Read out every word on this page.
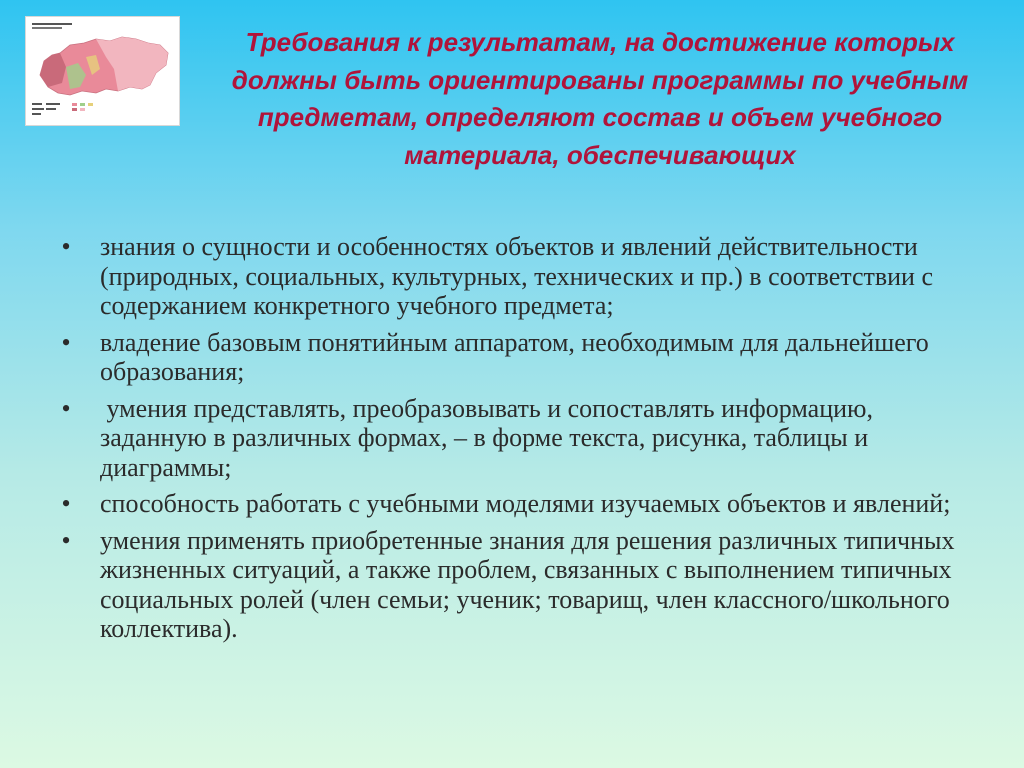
Требования к результатам, на достижение которых должны быть ориентированы программы по учебным предметам, определяют состав и объем учебного материала, обеспечивающих
• знания о сущности и особенностях объектов и явлений действительности (природных, социальных, культурных, технических и пр.) в соответствии с содержанием конкретного учебного предмета;
• владение базовым понятийным аппаратом, необходимым для дальнейшего образования;
• умения представлять, преобразовывать и сопоставлять информацию, заданную в различных формах, – в форме текста, рисунка, таблицы и диаграммы;
• способность работать с учебными моделями изучаемых объектов и явлений;
• умения применять приобретенные знания для решения различных типичных жизненных ситуаций, а также проблем, связанных с выполнением типичных социальных ролей (член семьи; ученик; товарищ, член классного/школьного коллектива).
